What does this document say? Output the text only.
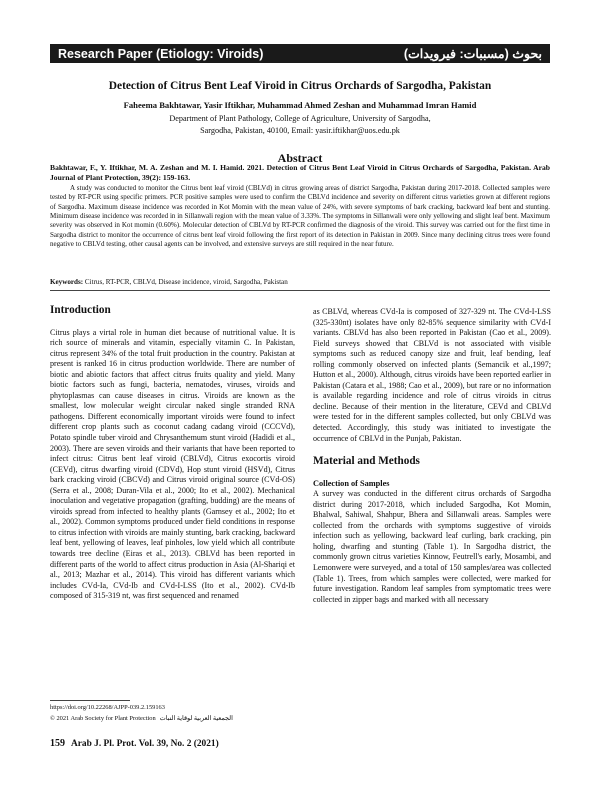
Research Paper (Etiology: Viroids)	بحوث (مسببات: فيرويدات)
Detection of Citrus Bent Leaf Viroid in Citrus Orchards of Sargodha, Pakistan
Faheema Bakhtawar, Yasir Iftikhar, Muhammad Ahmed Zeshan and Muhammad Imran Hamid
Department of Plant Pathology, College of Agriculture, University of Sargodha,
Sargodha, Pakistan, 40100, Email: yasir.iftikhar@uos.edu.pk
Abstract

Bakhtawar, F., Y. Iftikhar, M. A. Zeshan and M. I. Hamid. 2021. Detection of Citrus Bent Leaf Viroid in Citrus Orchards of Sargodha, Pakistan. Arab Journal of Plant Protection, 39(2): 159-163.

A study was conducted to monitor the Citrus bent leaf viroid (CBLVd) in citrus growing areas of district Sargodha, Pakistan during 2017-2018. Collected samples were tested by RT-PCR using specific primers. PCR positive samples were used to confirm the CBLVd incidence and severity on different citrus varieties grown at different regions of Sargodha. Maximum disease incidence was recorded in Kot Momin with the mean value of 24%, with severe symptoms of bark cracking, backward leaf bent and stunting. Minimum disease incidence was recorded in in Sillanwali region with the mean value of 3.33%. The symptoms in Sillanwali were only yellowing and slight leaf bent. Maximum severity was observed in Kot momin (0.60%). Molecular detection of CBLVd by RT-PCR confirmed the diagnosis of the viroid. This survey was carried out for the first time in Sargodha district to monitor the occurrence of citrus bent leaf viroid following the first report of its detection in Pakistan in 2009. Since many declining citrus trees were found negative to CBLVd testing, other causal agents can be involved, and extensive surveys are still required in the near future.

Keywords: Citrus, RT-PCR, CBLVd, Disease incidence, viroid, Sargodha, Pakistan

Introduction

Citrus plays a virtal role in human diet because of nutritional value. It is rich source of minerals and vitamin, especially vitamin C. In Pakistan, citrus represent 34% of the total fruit production in the country. Pakistan at present is ranked 16 in citrus production worldwide. There are number of biotic and abiotic factors that affect citrus fruits quality and yield. Many biotic factors such as fungi, bacteria, nematodes, viruses, viroids and phytoplasmas can cause diseases in citrus. Viroids are known as the smallest, low molecular weight circular naked single stranded RNA pathogens. Different economically important viroids were found to infect different crop plants such as coconut cadang cadang viroid (CCCVd), Potato spindle tuber viroid and Chrysanthemum stunt viroid (Hadidi et al., 2003). There are seven viroids and their variants that have been reported to infect citrus: Citrus bent leaf viroid (CBLVd), Citrus exocortis viroid (CEVd), citrus dwarfing viroid (CDVd), Hop stunt viroid (HSVd), Citrus bark cracking viroid (CBCVd) and Citrus viroid original source (CVd-OS) (Serra et al., 2008; Duran-Vila et al., 2000; Ito et al., 2002). Mechanical inoculation and vegetative propagation (grafting, budding) are the means of viroids spread from infected to healthy plants (Garnsey et al., 2002; Ito et al., 2002). Common symptoms produced under field conditions in response to citrus infection with viroids are mainly stunting, bark cracking, backward leaf bent, yellowing of leaves, leaf pinholes, low yield which all contribute towards tree decline (Eiras et al., 2013). CBLVd has been reported in different parts of the world to affect citrus production in Asia (Al-Shariqi et al., 2013; Mazhar et al., 2014). This viroid has different variants which includes CVd-Ia, CVd-Ib and CVd-I-LSS (Ito et al., 2002). CVd-Ib composed of 315-319 nt, was first sequenced and renamed

as CBLVd, whereas CVd-Ia is composed of 327-329 nt. The CVd-I-LSS (325-330nt) isolates have only 82-85% sequence similarity with CVd-I variants. CBLVd has also been reported in Pakistan (Cao et al., 2009). Field surveys showed that CBLVd is not associated with visible symptoms such as reduced canopy size and fruit, leaf bending, leaf rolling commonly observed on infected plants (Semancik et al.,1997; Hutton et al., 2000). Although, citrus viroids have been reported earlier in Pakistan (Catara et al., 1988; Cao et al., 2009), but rare or no information is available regarding incidence and role of citrus viroids in citrus decline. Because of their mention in the literature, CEVd and CBLVd were tested for in the different samples collected, but only CBLVd was detected. Accordingly, this study was initiated to investigate the occurrence of CBLVd in the Punjab, Pakistan.

Material and Methods

Collection of Samples

A survey was conducted in the different citrus orchards of Sargodha district during 2017-2018, which included Sargodha, Kot Momin, Bhalwal, Sahiwal, Shahpur, Bhera and Sillanwali areas. Samples were collected from the orchards with symptoms suggestive of viroids infection such as yellowing, backward leaf curling, bark cracking, pin holing, dwarfing and stunting (Table 1). In Sargodha district, the commonly grown citrus varieties Kinnow, Feutrell's early, Mosambi, and Lemonwere were surveyed, and a total of 150 samples/area was collected (Table 1). Trees, from which samples were collected, were marked for future investigation. Random leaf samples from symptomatic trees were collected in zipper bags and marked with all necessary

https://doi.org/10.22268/AJPP-039.2.159163
© 2021 Arab Society for Plant Protection الجمعية العربية لوقاية النبات
159 Arab J. Pl. Prot. Vol. 39, No. 2 (2021)
